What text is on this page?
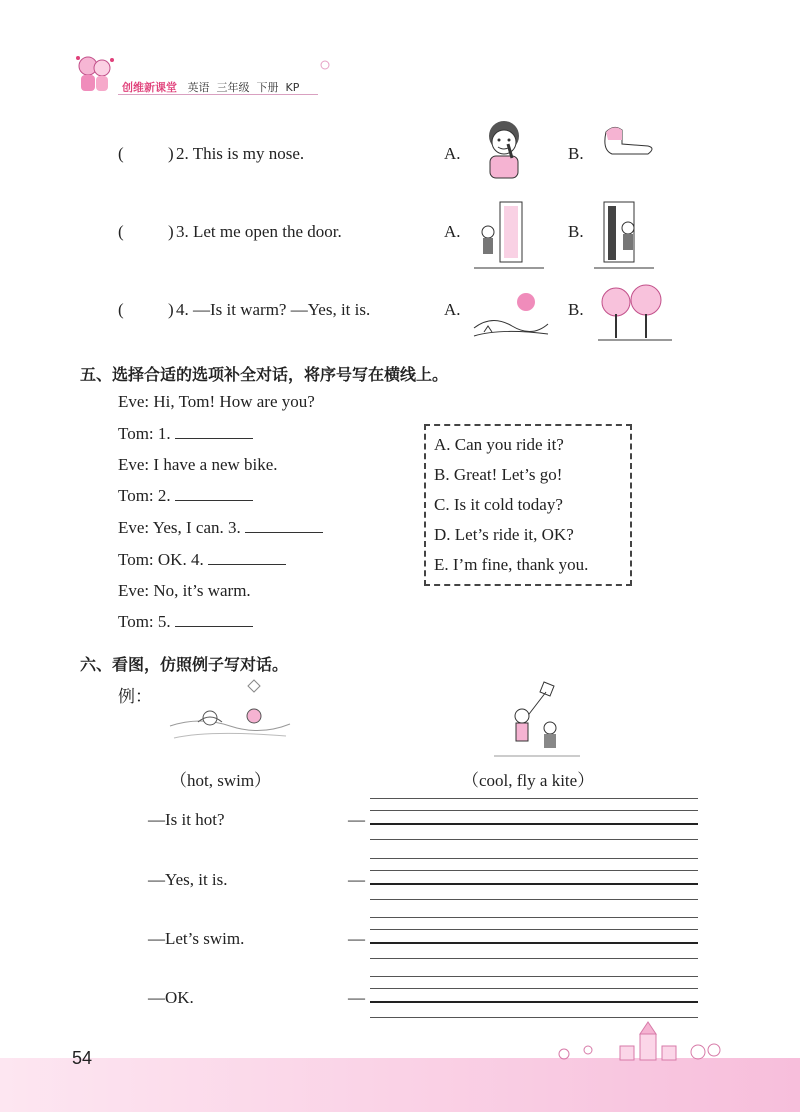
创维新课堂 英语 三年级 下册 KP
(	) 2. This is my nose.	A.	B.
(	) 3. Let me open the door.	A.	B.
(	) 4. —Is it warm? —Yes, it is.	A.	B.
五、选择合适的选项补全对话，将序号写在横线上。
Eve: Hi, Tom! How are you?
Tom: 1.
Eve: I have a new bike.
Tom: 2.
Eve: Yes, I can. 3.
Tom: OK. 4.
Eve: No, it’s warm.
Tom: 5.
A. Can you ride it?
B. Great! Let’s go!
C. Is it cold today?
D. Let’s ride it, OK?
E. I’m fine, thank you.
六、看图，仿照例子写对话。
例：
（hot, swim）	（cool, fly a kite）
—Is it hot?
—Yes, it is.
—Let’s swim.
—OK.
—
—
—
—
54
